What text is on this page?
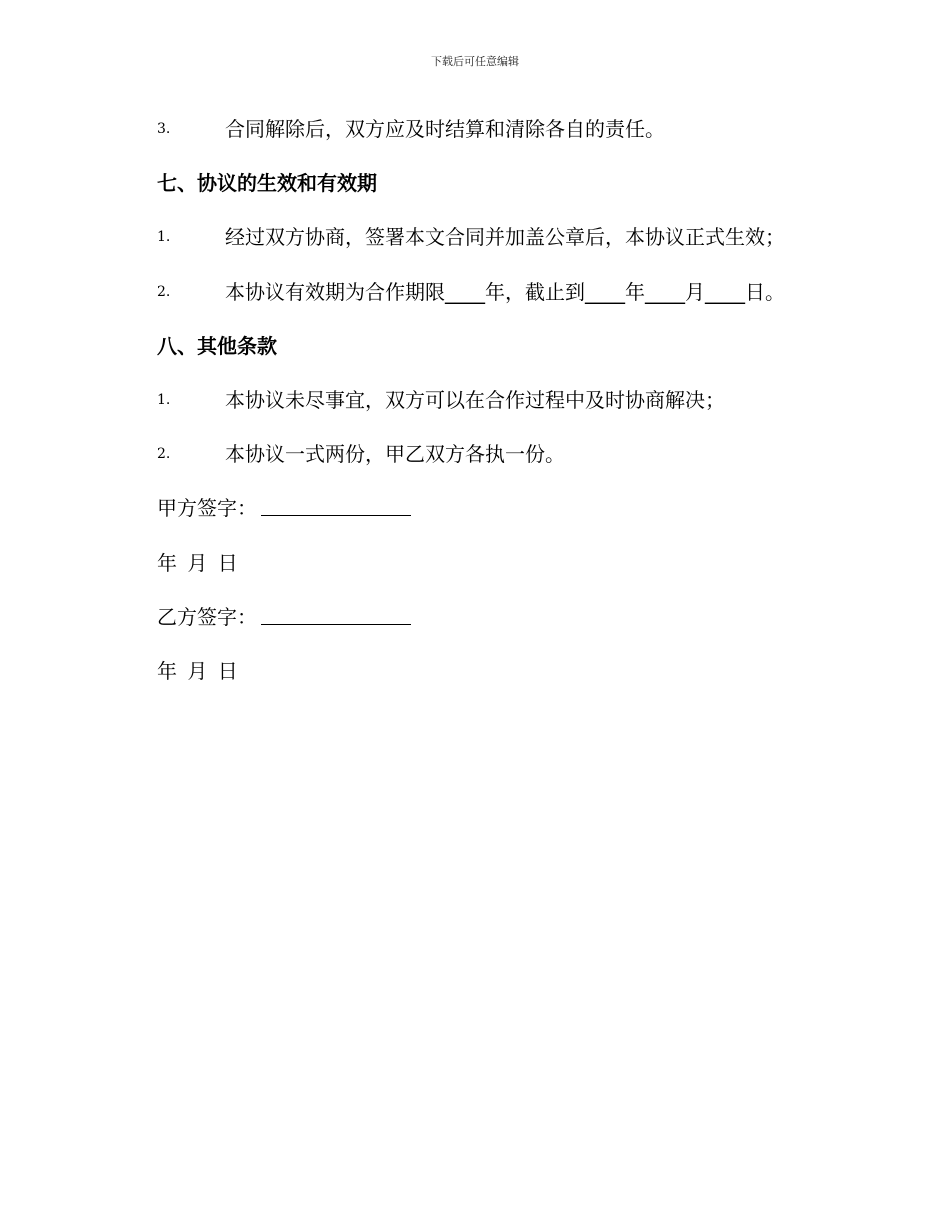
下载后可任意编辑
3.	合同解除后，双方应及时结算和清除各自的责任。
七、协议的生效和有效期
1.	经过双方协商，签署本文合同并加盖公章后，本协议正式生效；
2.	本协议有效期为合作期限____年，截止到____年____月____日。
八、其他条款
1.	本协议未尽事宜，双方可以在合作过程中及时协商解决；
2.	本协议一式两份，甲乙双方各执一份。
甲方签字：
年 月 日
乙方签字：
年 月 日
